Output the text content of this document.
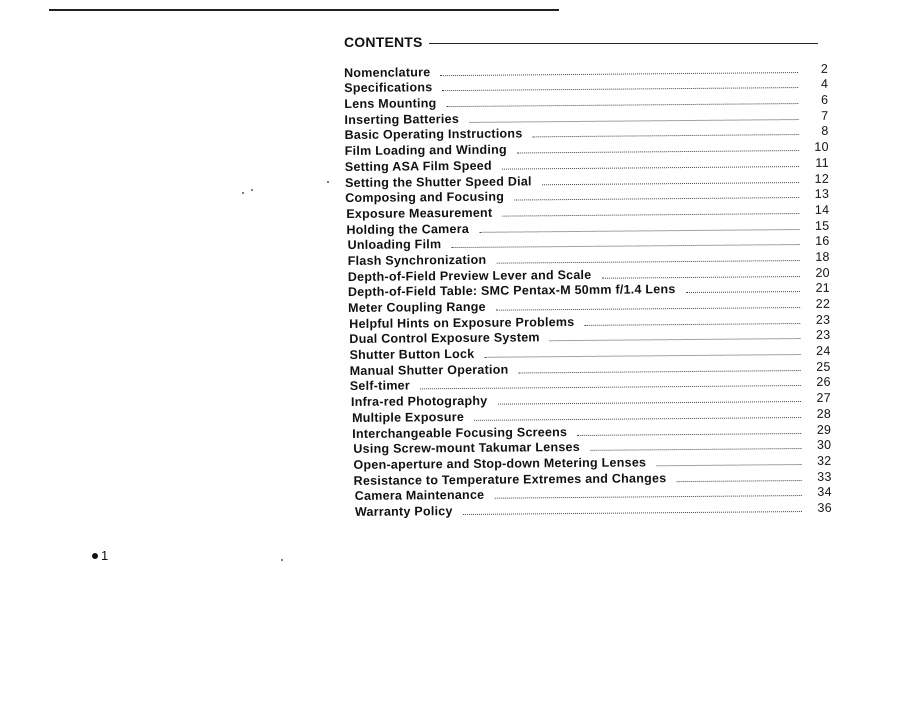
CONTENTS
Nomenclature	2
Specifications	4
Lens Mounting	6
Inserting Batteries	7
Basic Operating Instructions	8
Film Loading and Winding	10
Setting ASA Film Speed	11
Setting the Shutter Speed Dial	12
Composing and Focusing	13
Exposure Measurement	14
Holding the Camera	15
Unloading Film	16
Flash Synchronization	18
Depth-of-Field Preview Lever and Scale	20
Depth-of-Field Table: SMC Pentax-M 50mm f/1.4 Lens	21
Meter Coupling Range	22
Helpful Hints on Exposure Problems	23
Dual Control Exposure System	23
Shutter Button Lock	24
Manual Shutter Operation	25
Self-timer	26
Infra-red Photography	27
Multiple Exposure	28
Interchangeable Focusing Screens	29
Using Screw-mount Takumar Lenses	30
Open-aperture and Stop-down Metering Lenses	32
Resistance to Temperature Extremes and Changes	33
Camera Maintenance	34
Warranty Policy	36
1
